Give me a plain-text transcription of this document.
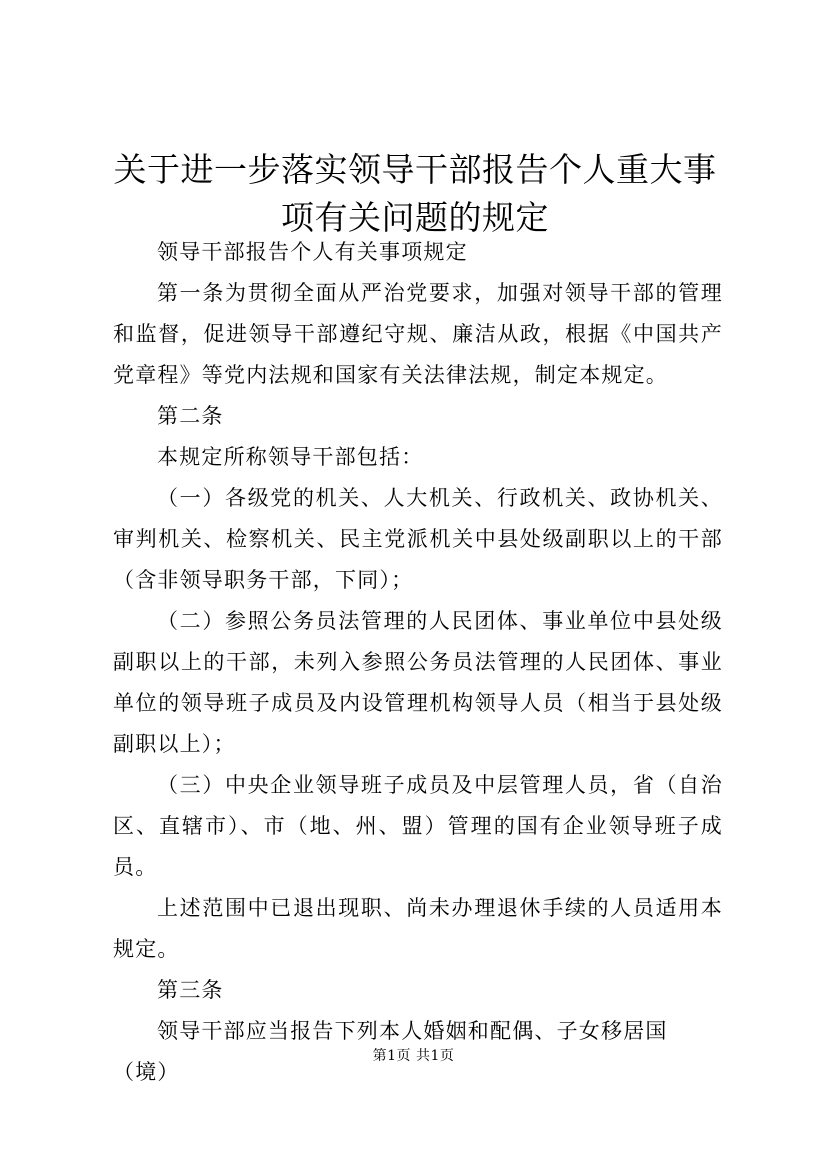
关于进一步落实领导干部报告个人重大事项有关问题的规定

领导干部报告个人有关事项规定

第一条为贯彻全面从严治党要求，加强对领导干部的管理和监督，促进领导干部遵纪守规、廉洁从政，根据《中国共产党章程》等党内法规和国家有关法律法规，制定本规定。

第二条

本规定所称领导干部包括：

（一）各级党的机关、人大机关、行政机关、政协机关、审判机关、检察机关、民主党派机关中县处级副职以上的干部（含非领导职务干部，下同）；

（二）参照公务员法管理的人民团体、事业单位中县处级副职以上的干部，未列入参照公务员法管理的人民团体、事业单位的领导班子成员及内设管理机构领导人员（相当于县处级副职以上）；

（三）中央企业领导班子成员及中层管理人员，省（自治区、直辖市）、市（地、州、盟）管理的国有企业领导班子成员。

上述范围中已退出现职、尚未办理退休手续的人员适用本规定。

第三条

领导干部应当报告下列本人婚姻和配偶、子女移居国（境）

第1页 共1页
